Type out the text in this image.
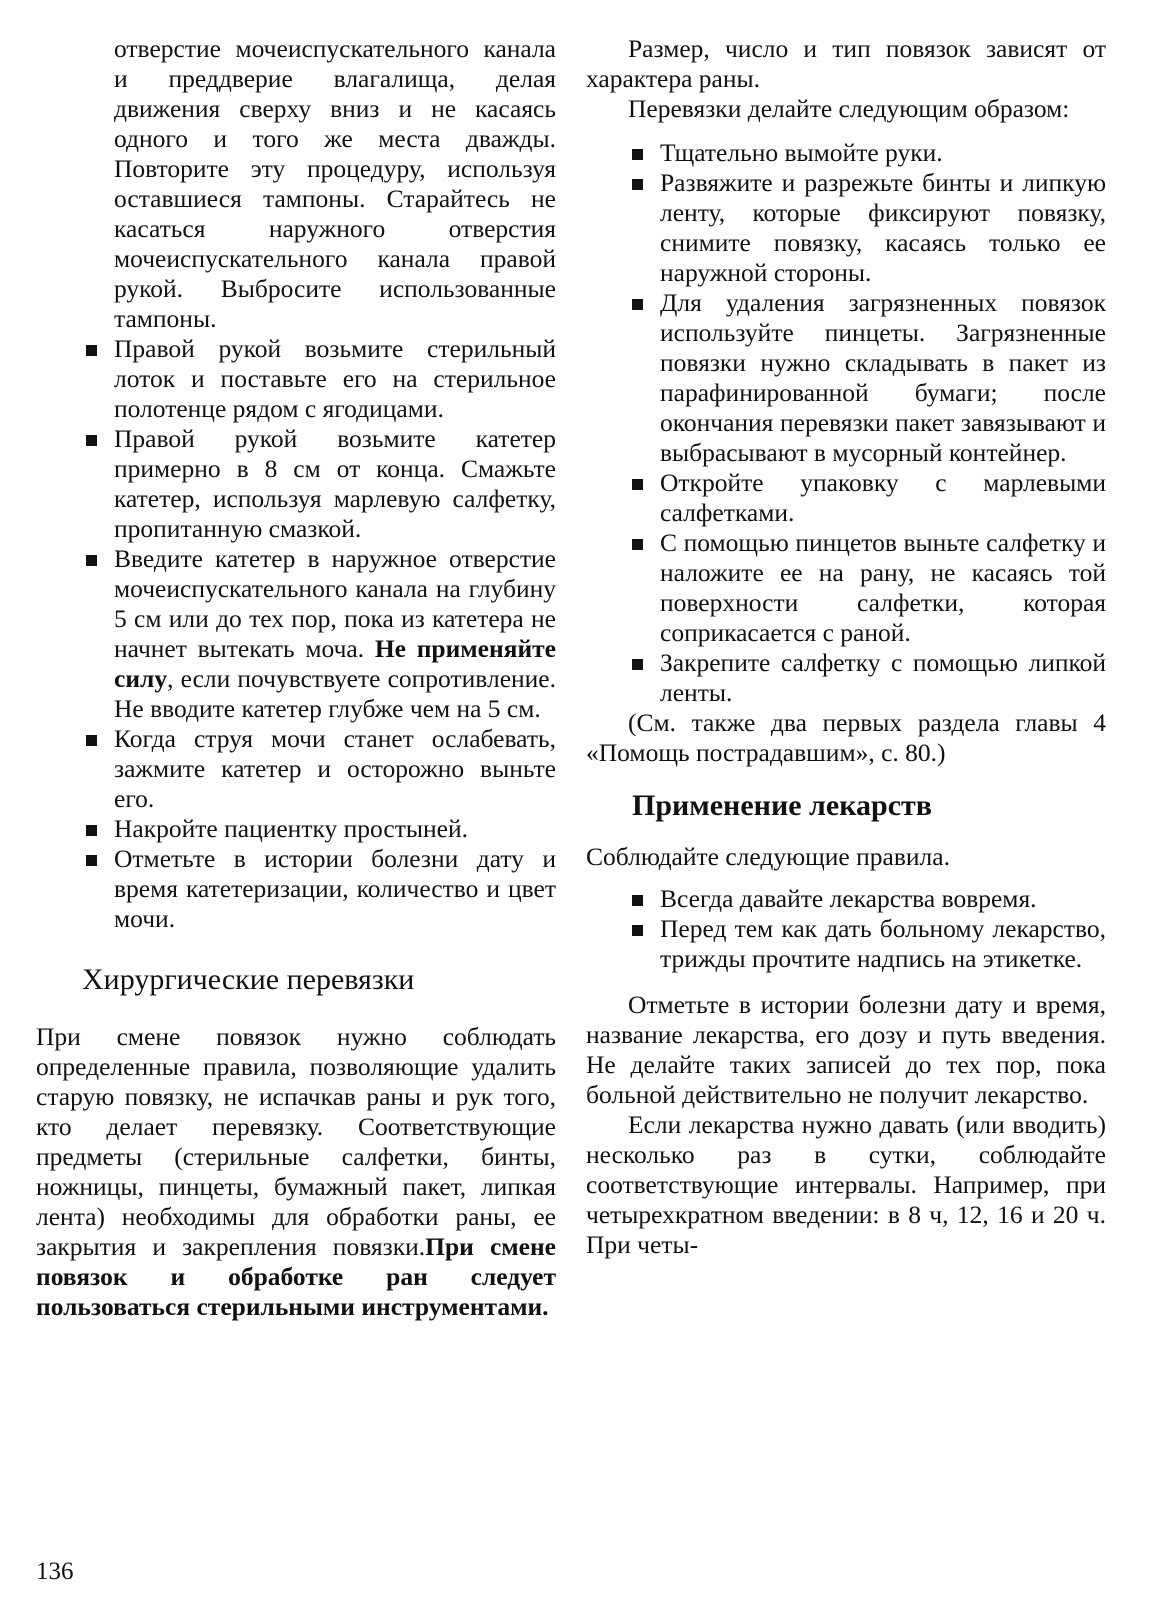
отверстие мочеиспускательного канала и преддверие влагалища, делая движения сверху вниз и не касаясь одного и того же места дважды. Повторите эту процедуру, используя оставшиеся тампоны. Старайтесь не касаться наружного отверстия мочеиспускательного канала правой рукой. Выбросите использованные тампоны.

Правой рукой возьмите стерильный лоток и поставьте его на стерильное полотенце рядом с ягодицами.
Правой рукой возьмите катетер примерно в 8 см от конца. Смажьте катетер, используя марлевую салфетку, пропитанную смазкой.
Введите катетер в наружное отверстие мочеиспускательного канала на глубину 5 см или до тех пор, пока из катетера не начнет вытекать моча. Не применяйте силу, если почувствуете сопротивление. Не вводите катетер глубже чем на 5 см.
Когда струя мочи станет ослабевать, зажмите катетер и осторожно выньте его.
Накройте пациентку простыней.
Отметьте в истории болезни дату и время катетеризации, количество и цвет мочи.
Хирургические перевязки

При смене повязок нужно соблюдать определенные правила, позволяющие удалить старую повязку, не испачкав раны и рук того, кто делает перевязку. Соответствующие предметы (стерильные салфетки, бинты, ножницы, пинцеты, бумажный пакет, липкая лента) необходимы для обработки раны, ее закрытия и закрепления повязки.При смене повязок и обработке ран следует пользоваться стерильными инструментами.

Размер, число и тип повязок зависят от характера раны.

Перевязки делайте следующим образом:

Тщательно вымойте руки.
Развяжите и разрежьте бинты и липкую ленту, которые фиксируют повязку, снимите повязку, касаясь только ее наружной стороны.
Для удаления загрязненных повязок используйте пинцеты. Загрязненные повязки нужно складывать в пакет из парафинированной бумаги; после окончания перевязки пакет завязывают и выбрасывают в мусорный контейнер.
Откройте упаковку с марлевыми салфетками.
С помощью пинцетов выньте салфетку и наложите ее на рану, не касаясь той поверхности салфетки, которая соприкасается с раной.
Закрепите салфетку с помощью липкой ленты.

(См. также два первых раздела главы 4 «Помощь пострадавшим», с. 80.)

Применение лекарств

Соблюдайте следующие правила.

Всегда давайте лекарства вовремя.
Перед тем как дать больному лекарство, трижды прочтите надпись на этикетке.

Отметьте в истории болезни дату и время, название лекарства, его дозу и путь введения. Не делайте таких записей до тех пор, пока больной действительно не получит лекарство.

Если лекарства нужно давать (или вводить) несколько раз в сутки, соблюдайте соответствующие интервалы. Например, при четырехкратном введении: в 8 ч, 12, 16 и 20 ч. При четы-

136
